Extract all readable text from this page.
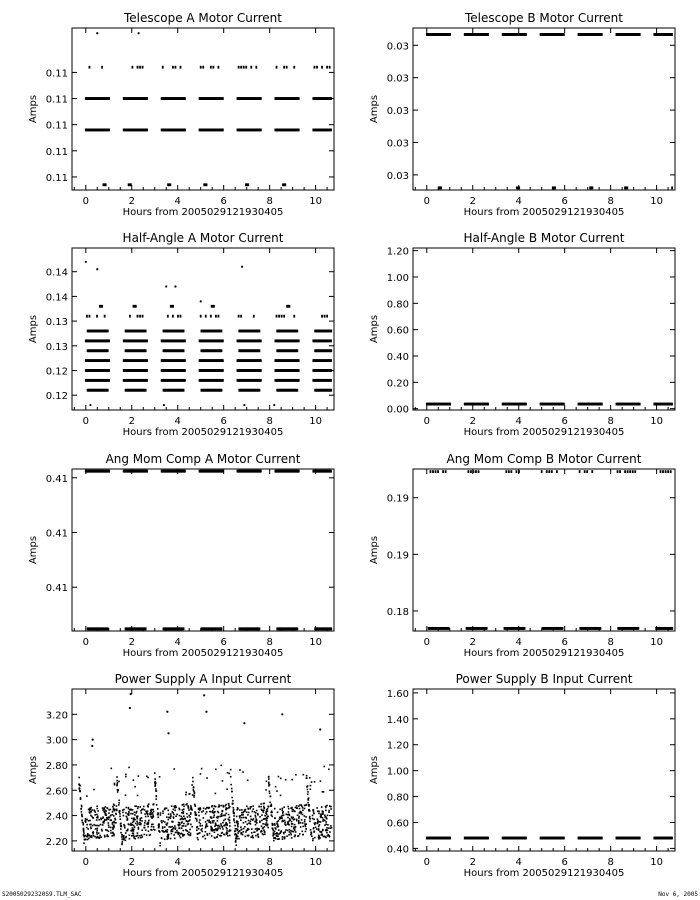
Telescope A Motor Current
0	2	4	6	8	10
0.11
0.11
0.11
0.11
0.11
Hours from 2005029121930405
Amps
Telescope B Motor Current
0	2	4	6	8	10
0.03
0.03
0.03
0.03
0.03
Hours from 2005029121930405
Amps
Half-Angle A Motor Current
0	2	4	6	8	10
0.12
0.12
0.13
0.13
0.14
0.14
Hours from 2005029121930405
Amps
Half-Angle B Motor Current
0	2	4	6	8	10
0.00
0.20
0.40
0.60
0.80
1.00
1.20
Hours from 2005029121930405
Amps
Ang Mom Comp A Motor Current
0	2	4	6	8	10
0.41
0.41
0.41
Hours from 2005029121930405
Amps
Ang Mom Comp B Motor Current
0	2	4	6	8	10
0.18
0.19
0.19
Hours from 2005029121930405
Amps
Power Supply A Input Current
0	2	4	6	8	10
2.20
2.40
2.60
2.80
3.00
3.20
Hours from 2005029121930405
Amps
Power Supply B Input Current
0	2	4	6	8	10
0.40
0.60
0.80
1.00
1.20
1.40
1.60
Hours from 2005029121930405
Amps
S20050292320S9.TLM_SAC	Nov 6, 2005
